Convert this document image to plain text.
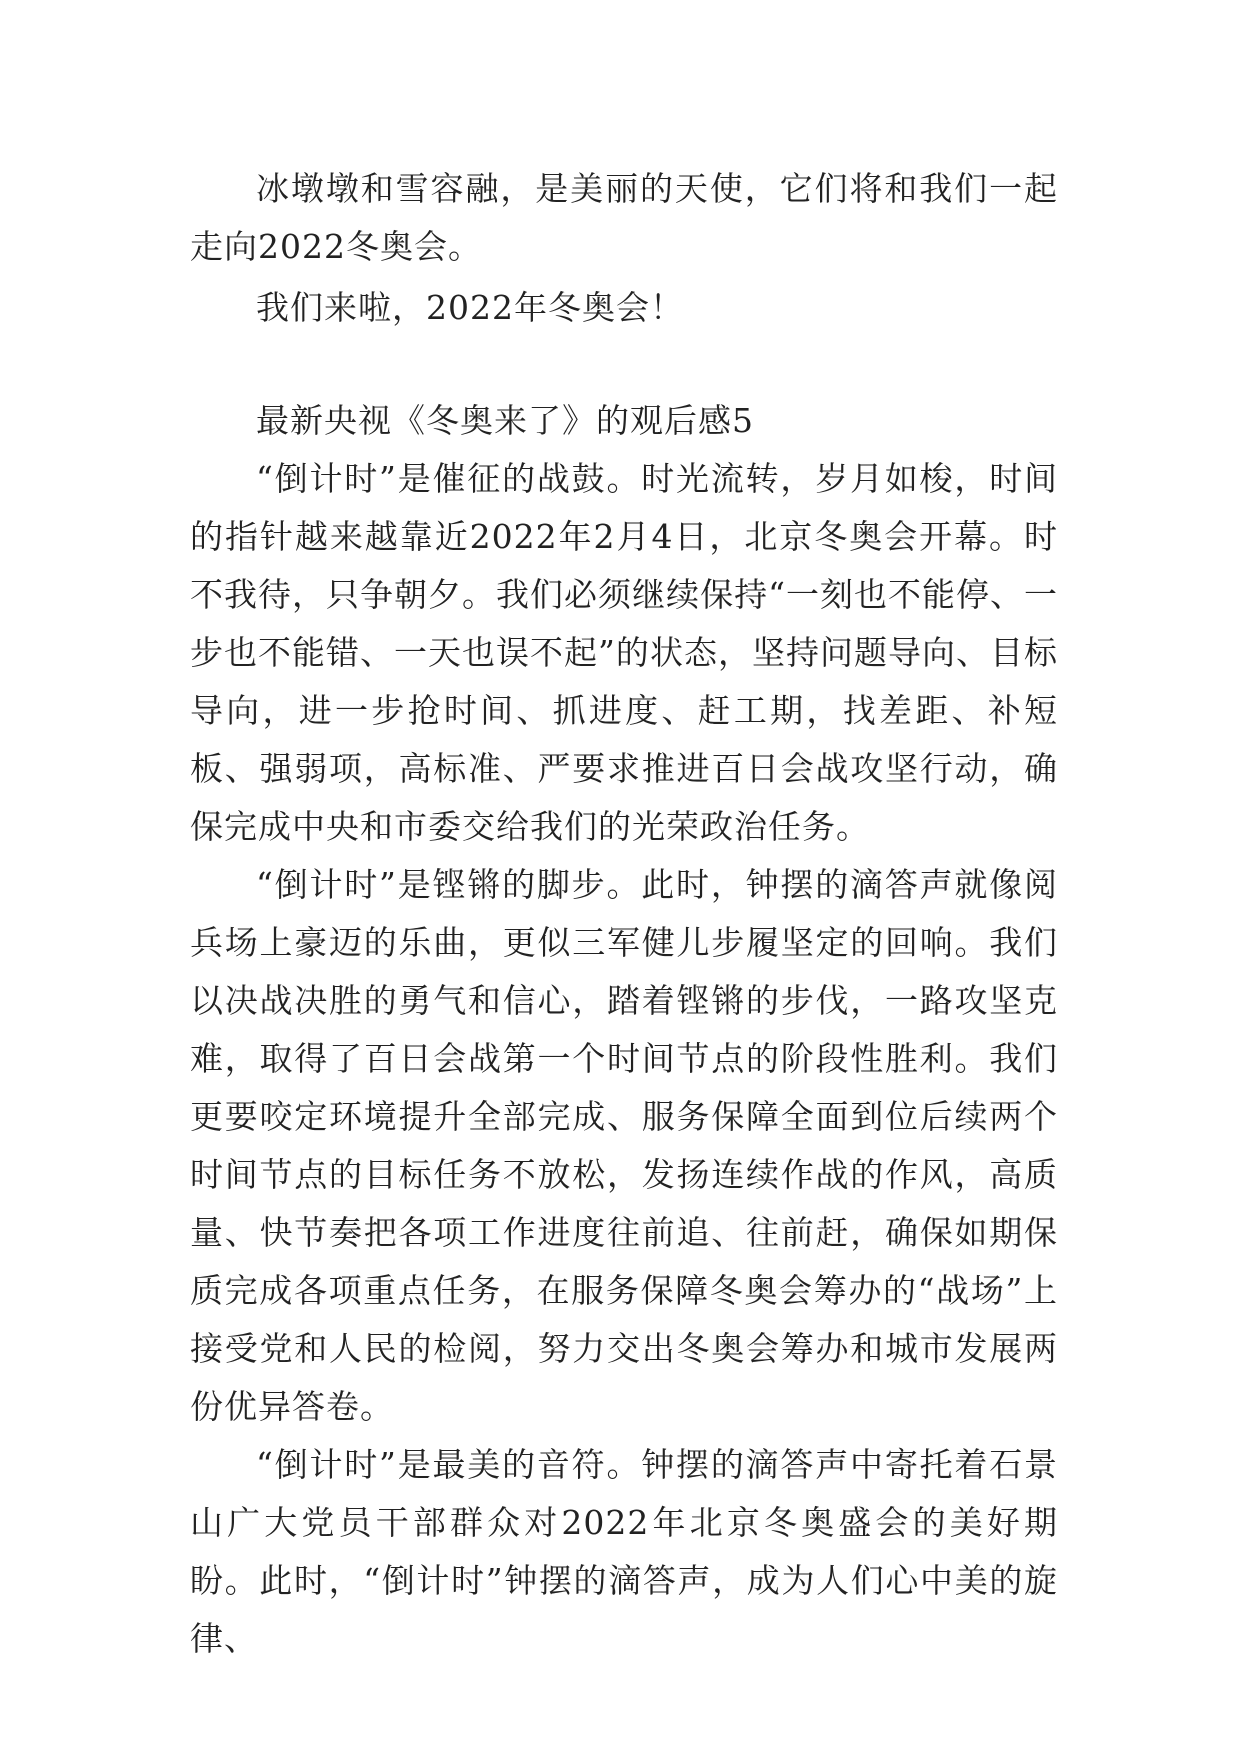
冰墩墩和雪容融，是美丽的天使，它们将和我们一起走向2022冬奥会。

我们来啦，2022年冬奥会！

最新央视《冬奥来了》的观后感5

“倒计时”是催征的战鼓。时光流转，岁月如梭，时间的指针越来越靠近2022年2月4日，北京冬奥会开幕。时不我待，只争朝夕。我们必须继续保持“一刻也不能停、一步也不能错、一天也误不起”的状态，坚持问题导向、目标导向，进一步抢时间、抓进度、赶工期，找差距、补短板、强弱项，高标准、严要求推进百日会战攻坚行动，确保完成中央和市委交给我们的光荣政治任务。

“倒计时”是铿锵的脚步。此时，钟摆的滴答声就像阅兵场上豪迈的乐曲，更似三军健儿步履坚定的回响。我们以决战决胜的勇气和信心，踏着铿锵的步伐，一路攻坚克难，取得了百日会战第一个时间节点的阶段性胜利。我们更要咬定环境提升全部完成、服务保障全面到位后续两个时间节点的目标任务不放松，发扬连续作战的作风，高质量、快节奏把各项工作进度往前追、往前赶，确保如期保质完成各项重点任务，在服务保障冬奥会筹办的“战场”上接受党和人民的检阅，努力交出冬奥会筹办和城市发展两份优异答卷。

“倒计时”是最美的音符。钟摆的滴答声中寄托着石景山广大党员干部群众对2022年北京冬奥盛会的美好期盼。此时，“倒计时”钟摆的滴答声，成为人们心中美的旋律、
